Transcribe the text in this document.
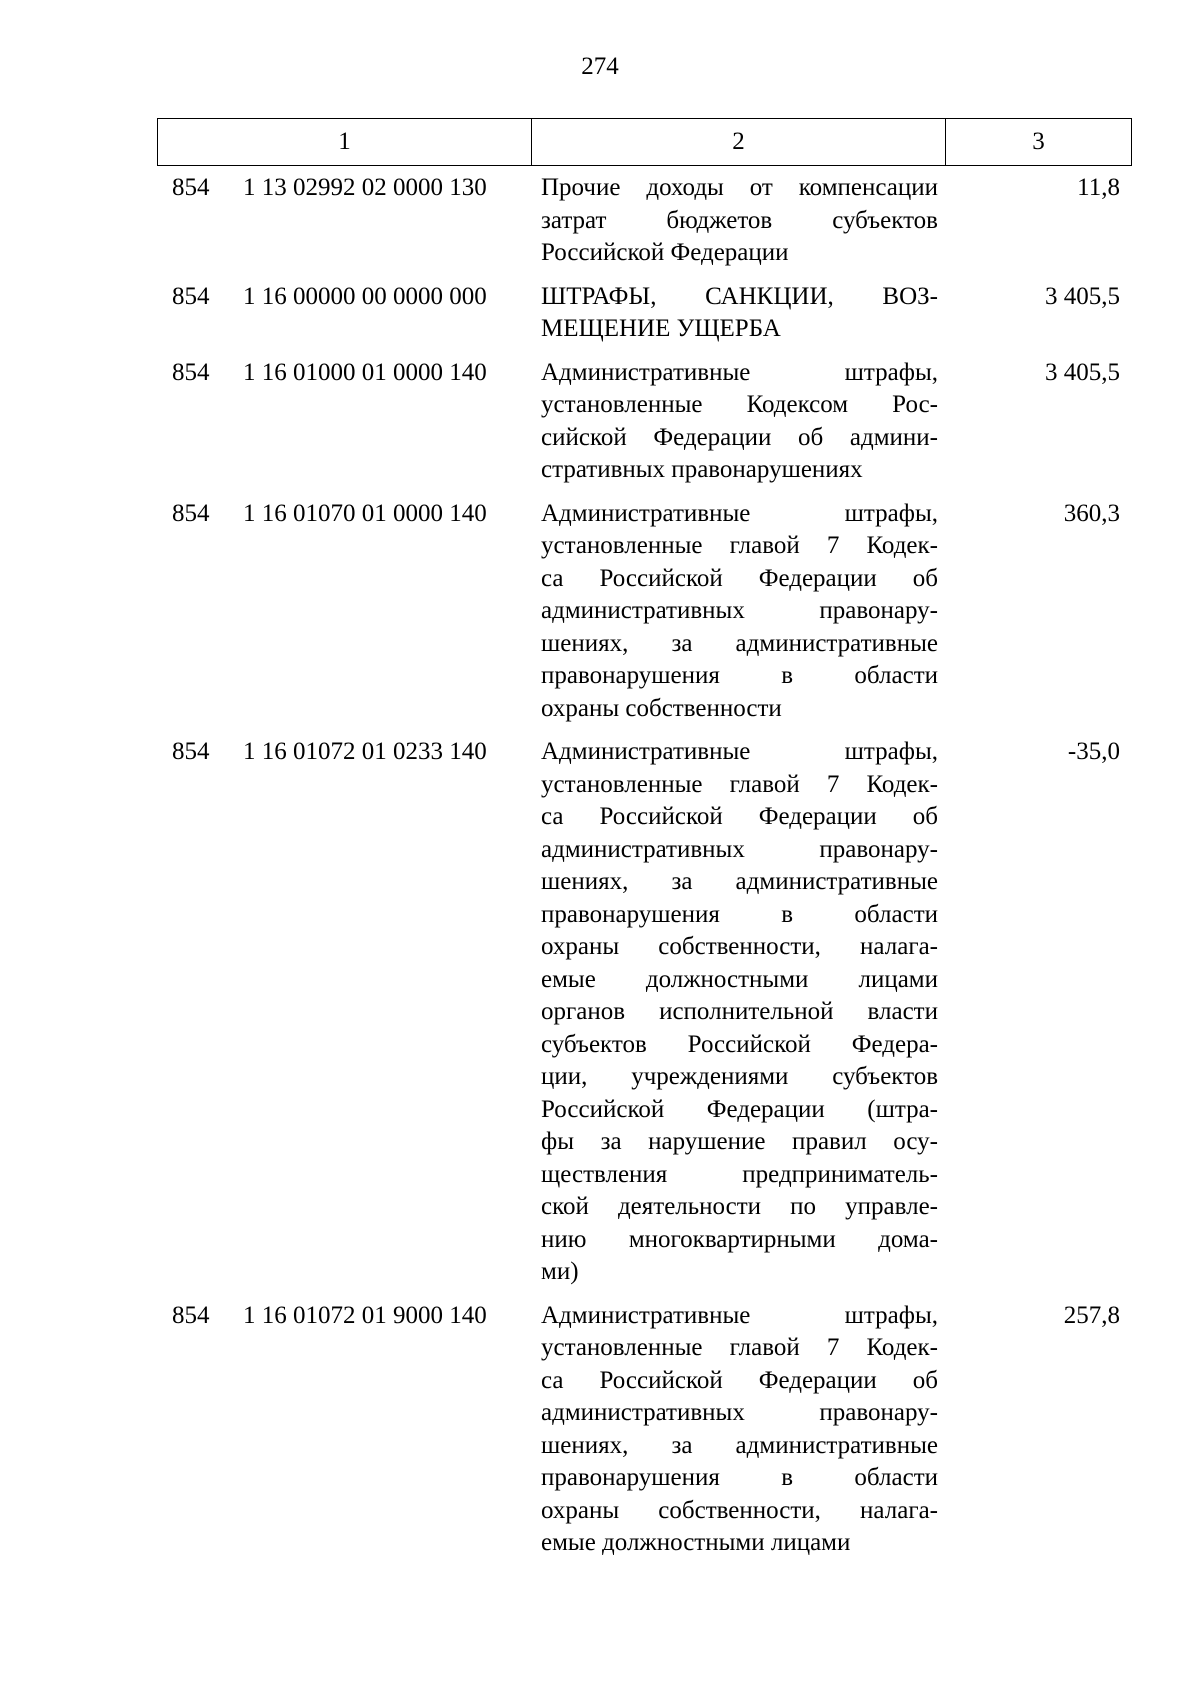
274
1	2	3
854 1 13 02992 02 0000 130 Прочие доходы от компенсации
затрат бюджетов субъектов
Российской Федерации
11,8
854 1 16 00000 00 0000 000 ШТРАФЫ, САНКЦИИ, ВОЗ-
МЕЩЕНИЕ УЩЕРБА
3 405,5
854 1 16 01000 01 0000 140 Административные штрафы,
установленные Кодексом Рос-
сийской Федерации об админи-
стративных правонарушениях
3 405,5
854 1 16 01070 01 0000 140 Административные штрафы,
установленные главой 7 Кодек-
са Российской Федерации об
административных правонару-
шениях, за административные
правонарушения в области
охраны собственности
360,3
854 1 16 01072 01 0233 140 Административные штрафы,
установленные главой 7 Кодек-
са Российской Федерации об
административных правонару-
шениях, за административные
правонарушения в области
охраны собственности, налага-
емые должностными лицами
органов исполнительной власти
субъектов Российской Федера-
ции, учреждениями субъектов
Российской Федерации (штра-
фы за нарушение правил осу-
ществления предприниматель-
ской деятельности по управле-
нию многоквартирными дома-
ми)
-35,0
854 1 16 01072 01 9000 140 Административные штрафы,
установленные главой 7 Кодек-
са Российской Федерации об
административных правонару-
шениях, за административные
правонарушения в области
охраны собственности, налага-
емые должностными лицами
257,8
